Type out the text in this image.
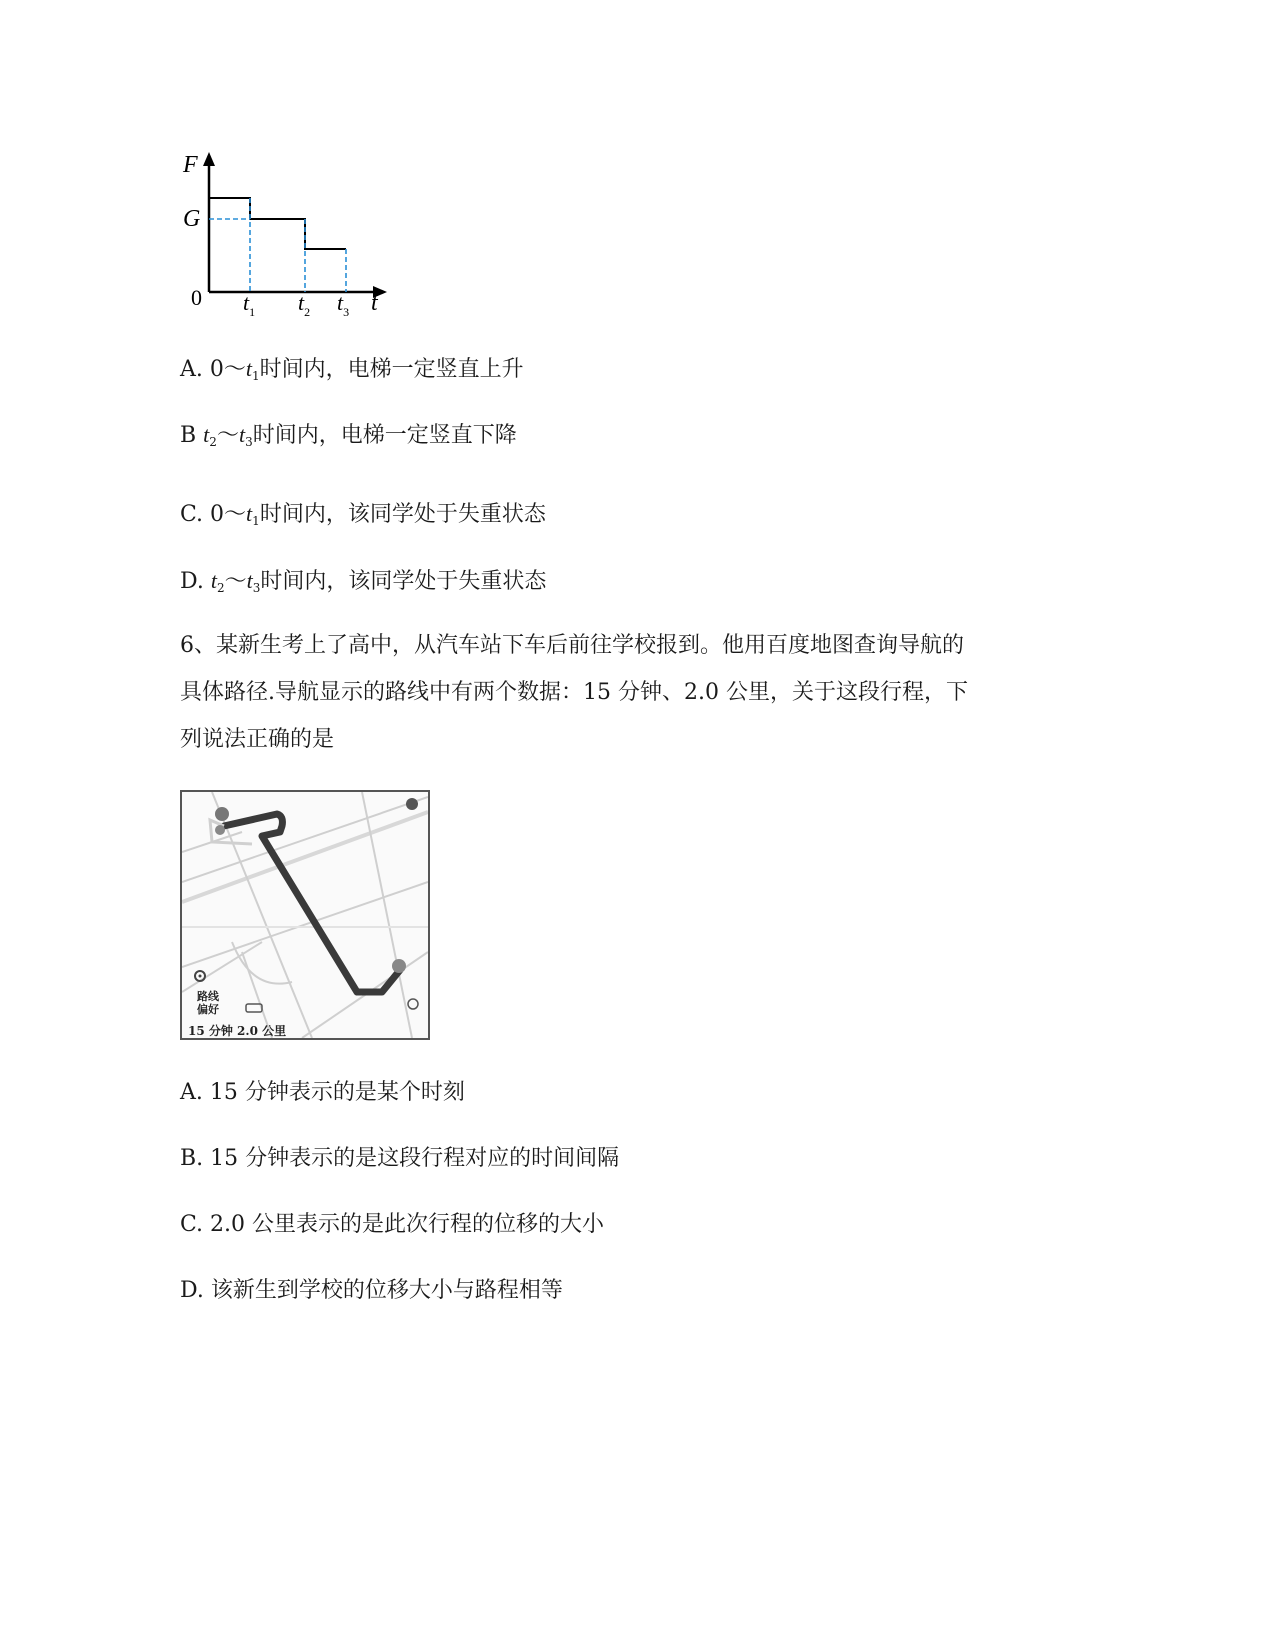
F
G
0	t
$t_1$ $t_2$ $t_3$
A. $0\sim t_1$时间内，电梯一定竖直上升
B $t_2\sim t_3$时间内，电梯一定竖直下降
C. $0\sim t_1$时间内，该同学处于失重状态
D. $t_2\sim t_3$时间内，该同学处于失重状态
6、某新生考上了高中，从汽车站下车后前往学校报到。他用百度地图查询导航的
具体路径.导航显示的路线中有两个数据：15 分钟、2.0 公里，关于这段行程，下
列说法正确的是
路线
偏好
15 分钟 2.0 公里
A. 15 分钟表示的是某个时刻
B. 15 分钟表示的是这段行程对应的时间间隔
C. 2.0 公里表示的是此次行程的位移的大小
D. 该新生到学校的位移大小与路程相等
